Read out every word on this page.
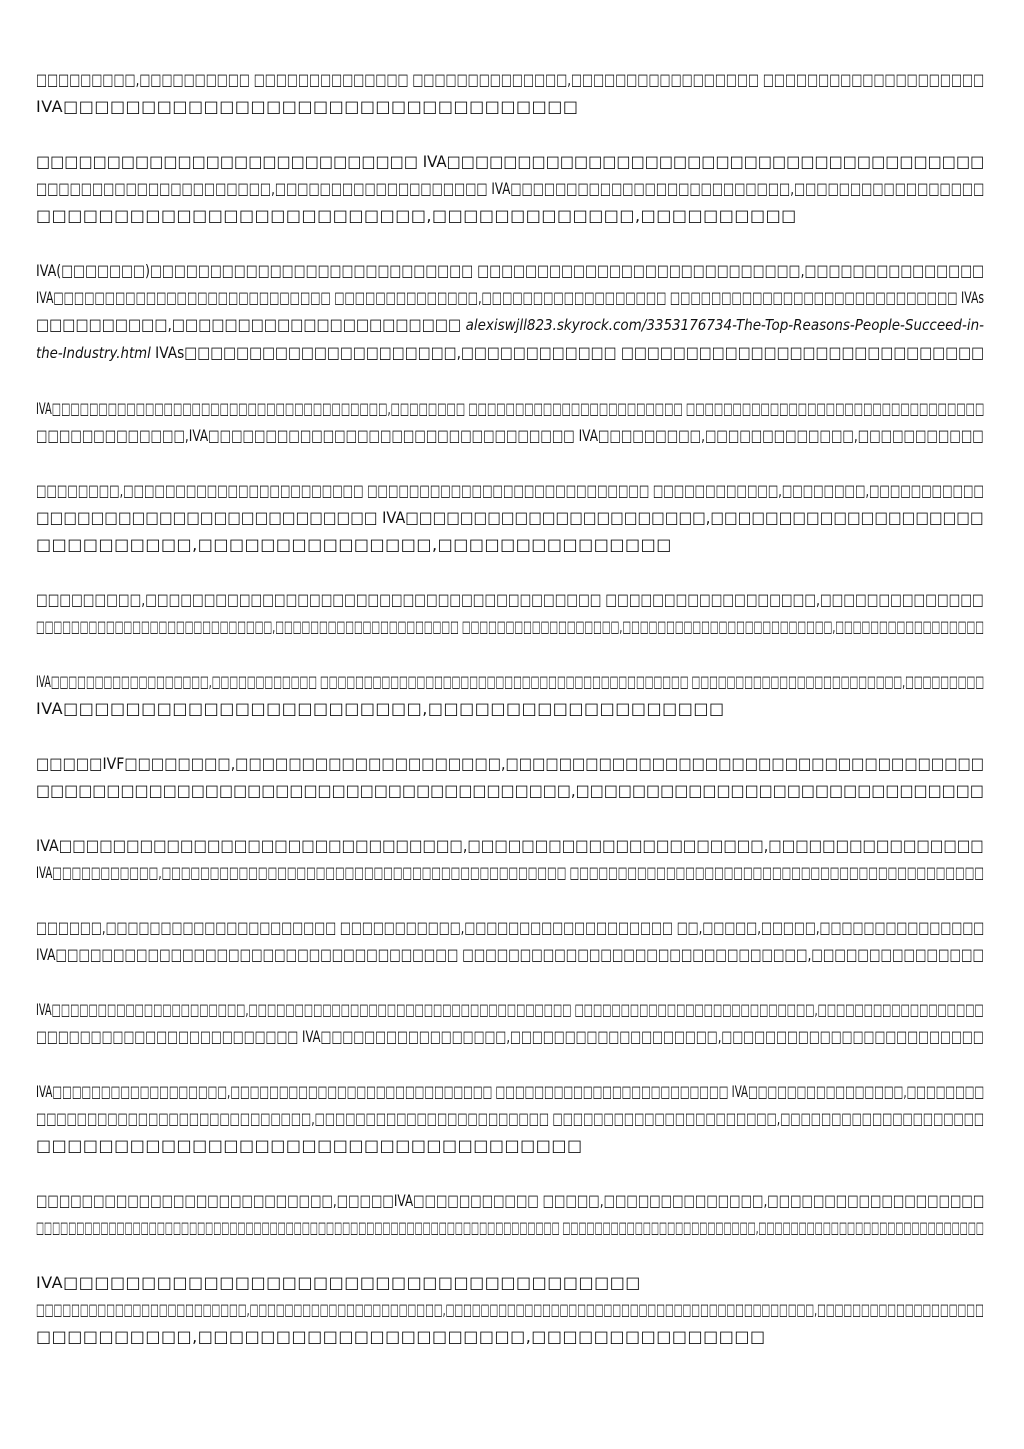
□□□□□□□□□,□□□□□□□□□□ □□□□□□□□□□□□□□ □□□□□□□□□□□□□□,□□□□□□□□□□□□□□□□□ □□□□□□□□□□□□□□□□□□□□
IVA□□□□□□□□□□□□□□□□□□□□□□□□□□□□□□□□□

□□□□□□□□□□□□□□□□□□□□□□□□□□□ IVA□□□□□□□□□□□□□□□□□□□□□□□□□□□□□□□□□□□□□□
□□□□□□□□□□□□□□□□□□□□□,□□□□□□□□□□□□□□□□□□□ IVA□□□□□□□□□□□□□□□□□□□□□□□□□,□□□□□□□□□□□□□□□□□
□□□□□□□□□□□□□□□□□□□□□□□□□,□□□□□□□□□□□□□,□□□□□□□□□□

IVA(□□□□□□□)□□□□□□□□□□□□□□□□□□□□□□□□□□□ □□□□□□□□□□□□□□□□□□□□□□□□□□□,□□□□□□□□□□□□□□□
IVA□□□□□□□□□□□□□□□□□□□□□□□□□□□ □□□□□□□□□□□□□□,□□□□□□□□□□□□□□□□□□ □□□□□□□□□□□□□□□□□□□□□□□□□□□□ IVAs
□□□□□□□□□□,□□□□□□□□□□□□□□□□□□□□□□ alexiswjll823.skyrock.com/3353176734-The-Top-Reasons-People-Succeed-in-
the-Industry.html IVAs□□□□□□□□□□□□□□□□□□□□□,□□□□□□□□□□□□ □□□□□□□□□□□□□□□□□□□□□□□□□□□□

IVA□□□□□□□□□□□□□□□□□□□□□□□□□□□□□□□□□□□□,□□□□□□□□ □□□□□□□□□□□□□□□□□□□□□□□ □□□□□□□□□□□□□□□□□□□□□□□□□□□□□□□□
□□□□□□□□□□□□□,IVA□□□□□□□□□□□□□□□□□□□□□□□□□□□□□□□□ IVA□□□□□□□□□,□□□□□□□□□□□□□,□□□□□□□□□□□

□□□□□□□□,□□□□□□□□□□□□□□□□□□□□□□□ □□□□□□□□□□□□□□□□□□□□□□□□□□□ □□□□□□□□□□□□,□□□□□□□□,□□□□□□□□□□□
□□□□□□□□□□□□□□□□□□□□□□□□□ IVA□□□□□□□□□□□□□□□□□□□□□□,□□□□□□□□□□□□□□□□□□□□
□□□□□□□□□□,□□□□□□□□□□□□□□□,□□□□□□□□□□□□□□□

□□□□□□□□□,□□□□□□□□□□□□□□□□□□□□□□□□□□□□□□□□□□□□□□□ □□□□□□□□□□□□□□□□□□,□□□□□□□□□□□□□□
□□□□□□□□□□□□□□□□□□□□□□□□□□□,□□□□□□□□□□□□□□□□□□□□□ □□□□□□□□□□□□□□□□□□,□□□□□□□□□□□□□□□□□□□□□□□□,□□□□□□□□□□□□□□□□□

IVA□□□□□□□□□□□□□□□□□□,□□□□□□□□□□□□ □□□□□□□□□□□□□□□□□□□□□□□□□□□□□□□□□□□□□□□□□□ □□□□□□□□□□□□□□□□□□□□□□□□,□□□□□□□□□
IVA□□□□□□□□□□□□□□□□□□□□□□□,□□□□□□□□□□□□□□□□□□□

□□□□□IVF□□□□□□□□,□□□□□□□□□□□□□□□□□□□□,□□□□□□□□□□□□□□□□□□□□□□□□□□□□□□□□□□□□
□□□□□□□□□□□□□□□□□□□□□□□□□□□□□□□□□□□□□□,□□□□□□□□□□□□□□□□□□□□□□□□□□□□□

IVA□□□□□□□□□□□□□□□□□□□□□□□□□□□□□□,□□□□□□□□□□□□□□□□□□□□□□,□□□□□□□□□□□□□□□□
IVA□□□□□□□□□□□,□□□□□□□□□□□□□□□□□□□□□□□□□□□□□□□□□□□□□□□□□□ □□□□□□□□□□□□□□□□□□□□□□□□□□□□□□□□□□□□□□□□□□□

□□□□□□,□□□□□□□□□□□□□□□□□□□□□ □□□□□□□□□□□,□□□□□□□□□□□□□□□□□□□ □□,□□□□□,□□□□□,□□□□□□□□□□□□□□□
IVA□□□□□□□□□□□□□□□□□□□□□□□□□□□□□□□□□□□ □□□□□□□□□□□□□□□□□□□□□□□□□□□□□□,□□□□□□□□□□□□□□□

IVA□□□□□□□□□□□□□□□□□□□□□,□□□□□□□□□□□□□□□□□□□□□□□□□□□□□□□□□□□ □□□□□□□□□□□□□□□□□□□□□□□□□□,□□□□□□□□□□□□□□□□□□
□□□□□□□□□□□□□□□□□□□□□□□□ IVA□□□□□□□□□□□□□□□□□,□□□□□□□□□□□□□□□□□□□,□□□□□□□□□□□□□□□□□□□□□□□□

IVA□□□□□□□□□□□□□□□□□□,□□□□□□□□□□□□□□□□□□□□□□□□□□□ □□□□□□□□□□□□□□□□□□□□□□□□ IVA□□□□□□□□□□□□□□□□,□□□□□□□□
□□□□□□□□□□□□□□□□□□□□□□□□□□□,□□□□□□□□□□□□□□□□□□□□□□□ □□□□□□□□□□□□□□□□□□□□□□,□□□□□□□□□□□□□□□□□□□□
□□□□□□□□□□□□□□□□□□□□□□□□□□□□□□□□□□□

□□□□□□□□□□□□□□□□□□□□□□□□□□,□□□□□IVA□□□□□□□□□□□ □□□□□,□□□□□□□□□□□□□□,□□□□□□□□□□□□□□□□□□□
□□□□□□□□□□□□□□□□□□□□□□□□□□□□□□□□□□□□□□□□□□□□□□□□□□□□□□□□□□□□□□□□□ □□□□□□□□□□□□□□□□□□□□□□□□,□□□□□□□□□□□□□□□□□□□□□□□□□□□□

IVA□□□□□□□□□□□□□□□□□□□□□□□□□□□□□□□□□□□□□
□□□□□□□□□□□□□□□□□□□□□□□□,□□□□□□□□□□□□□□□□□□□□□□,□□□□□□□□□□□□□□□□□□□□□□□□□□□□□□□□□□□□□□□□□□,□□□□□□□□□□□□□□□□□□□
□□□□□□□□□□,□□□□□□□□□□□□□□□□□□□□□,□□□□□□□□□□□□□□□
